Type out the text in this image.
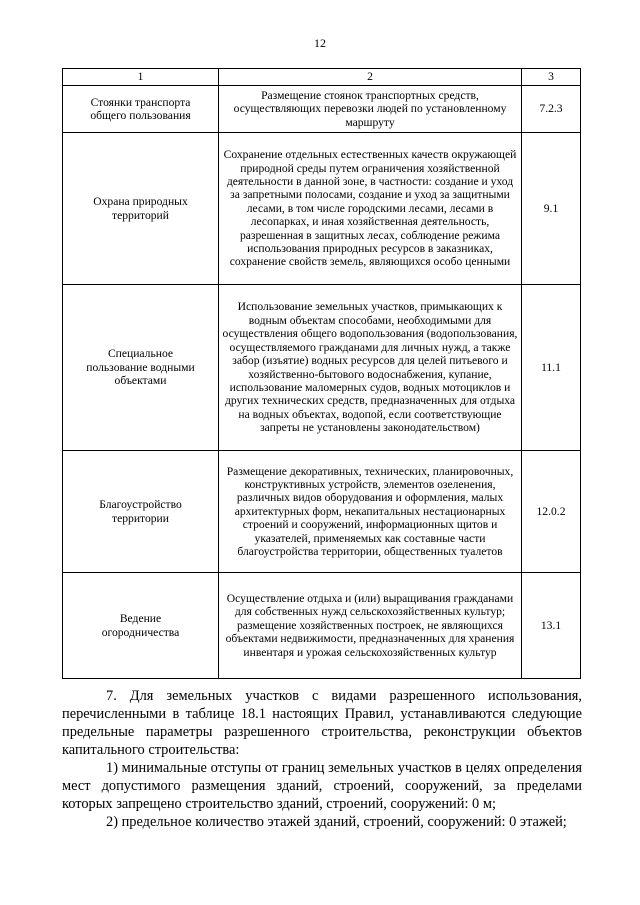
12
1	2	3
Стоянки транспорта общего пользования	Размещение стоянок транспортных средств, осуществляющих перевозки людей по установленному маршруту	7.2.3
Охрана природных территорий	Сохранение отдельных естественных качеств окружающей природной среды путем ограничения хозяйственной деятельности в данной зоне, в частности: создание и уход за запретными полосами, создание и уход за защитными лесами, в том числе городскими лесами, лесами в лесопарках, и иная хозяйственная деятельность, разрешенная в защитных лесах, соблюдение режима использования природных ресурсов в заказниках, сохранение свойств земель, являющихся особо ценными	9.1
Специальное пользование водными объектами	Использование земельных участков, примыкающих к водным объектам способами, необходимыми для осуществления общего водопользования (водопользования, осуществляемого гражданами для личных нужд, а также забор (изъятие) водных ресурсов для целей питьевого и хозяйственно-бытового водоснабжения, купание, использование маломерных судов, водных мотоциклов и других технических средств, предназначенных для отдыха на водных объектах, водопой, если соответствующие запреты не установлены законодательством)	11.1
Благоустройство территории	Размещение декоративных, технических, планировочных, конструктивных устройств, элементов озеленения, различных видов оборудования и оформления, малых архитектурных форм, некапитальных нестационарных строений и сооружений, информационных щитов и указателей, применяемых как составные части благоустройства территории, общественных туалетов	12.0.2
Ведение огородничества	Осуществление отдыха и (или) выращивания гражданами для собственных нужд сельскохозяйственных культур; размещение хозяйственных построек, не являющихся объектами недвижимости, предназначенных для хранения инвентаря и урожая сельскохозяйственных культур	13.1

7. Для земельных участков с видами разрешенного использования, перечисленными в таблице 18.1 настоящих Правил, устанавливаются следующие предельные параметры разрешенного строительства, реконструкции объектов капитального строительства:

1) минимальные отступы от границ земельных участков в целях определения мест допустимого размещения зданий, строений, сооружений, за пределами которых запрещено строительство зданий, строений, сооружений: 0 м;

2) предельное количество этажей зданий, строений, сооружений: 0 этажей;
